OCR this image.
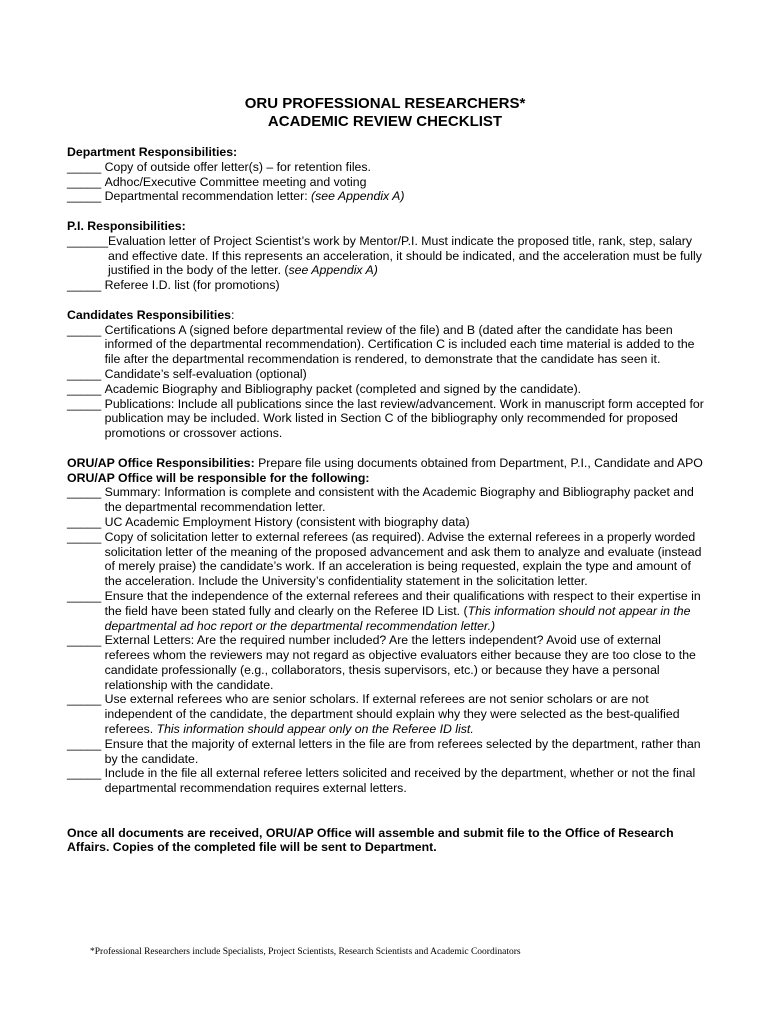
ORU PROFESSIONAL RESEARCHERS*
ACADEMIC REVIEW CHECKLIST
Department Responsibilities:
_____ Copy of outside offer letter(s) – for retention files.
_____ Adhoc/Executive Committee meeting and voting
_____ Departmental recommendation letter: (see Appendix A)
P.I. Responsibilities:
______ Evaluation letter of Project Scientist’s work by Mentor/P.I. Must indicate the proposed title, rank, step, salary and effective date. If this represents an acceleration, it should be indicated, and the acceleration must be fully justified in the body of the letter. (see Appendix A)
_____ Referee I.D. list (for promotions)
Candidates Responsibilities:
_____ Certifications A (signed before departmental review of the file) and B (dated after the candidate has been informed of the departmental recommendation). Certification C is included each time material is added to the file after the departmental recommendation is rendered, to demonstrate that the candidate has seen it.
_____ Candidate’s self-evaluation (optional)
_____ Academic Biography and Bibliography packet (completed and signed by the candidate).
_____ Publications: Include all publications since the last review/advancement. Work in manuscript form accepted for publication may be included. Work listed in Section C of the bibliography only recommended for proposed promotions or crossover actions.
ORU/AP Office Responsibilities: Prepare file using documents obtained from Department, P.I., Candidate and APO
ORU/AP Office will be responsible for the following:
_____ Summary: Information is complete and consistent with the Academic Biography and Bibliography packet and the departmental recommendation letter.
_____ UC Academic Employment History (consistent with biography data)
_____ Copy of solicitation letter to external referees (as required). Advise the external referees in a properly worded solicitation letter of the meaning of the proposed advancement and ask them to analyze and evaluate (instead of merely praise) the candidate’s work. If an acceleration is being requested, explain the type and amount of the acceleration. Include the University’s confidentiality statement in the solicitation letter.
_____ Ensure that the independence of the external referees and their qualifications with respect to their expertise in the field have been stated fully and clearly on the Referee ID List. (This information should not appear in the departmental ad hoc report or the departmental recommendation letter.)
_____ External Letters: Are the required number included? Are the letters independent? Avoid use of external referees whom the reviewers may not regard as objective evaluators either because they are too close to the candidate professionally (e.g., collaborators, thesis supervisors, etc.) or because they have a personal relationship with the candidate.
_____ Use external referees who are senior scholars. If external referees are not senior scholars or are not independent of the candidate, the department should explain why they were selected as the best-qualified referees. This information should appear only on the Referee ID list.
_____ Ensure that the majority of external letters in the file are from referees selected by the department, rather than by the candidate.
_____ Include in the file all external referee letters solicited and received by the department, whether or not the final departmental recommendation requires external letters.
Once all documents are received, ORU/AP Office will assemble and submit file to the Office of Research Affairs. Copies of the completed file will be sent to Department.
*Professional Researchers include Specialists, Project Scientists, Research Scientists and Academic Coordinators
